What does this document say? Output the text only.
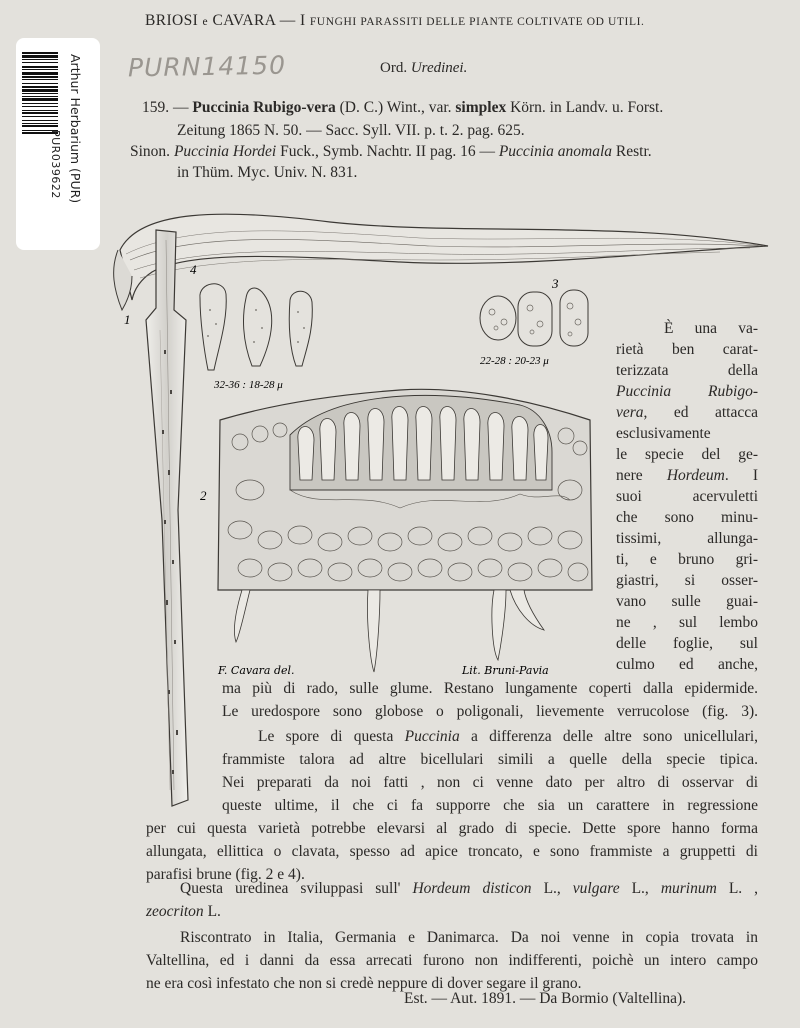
PUR039622 Arthur Herbarium (PUR)
BRIOSI e CAVARA — I FUNGHI PARASSITI DELLE PIANTE COLTIVATE OD UTILI.
PURN14150	Ord. Uredinei.
159. — Puccinia Rubigo-vera (D. C.) Wint., var. simplex Körn. in Landv. u. Forst.
Zeitung 1865 N. 50. — Sacc. Syll. VII. p. t. 2. pag. 625.
Sinon. Puccinia Hordei Fuck., Symb. Nachtr. II pag. 16 — Puccinia anomala Restr.
in Thüm. Myc. Univ. N. 831.
4
1
3
2
32-36 : 18-28 μ
22-28 : 20-23 μ
F. Cavara del.	Lit. Bruni-Pavia
È una va-
rietà ben carat-
terizzata della
Puccinia Rubigo-
vera, ed attacca
esclusivamente
le specie del ge-
nere Hordeum. I
suoi acervuletti
che sono minu-
tissimi, allunga-
ti, e bruno gri-
giastri, si osser-
vano sulle guai-
ne , sul lembo
delle foglie, sul
culmo ed anche,
ma più di rado, sulle glume. Restano lungamente coperti dalla epidermide.
Le uredospore sono globose o poligonali, lievemente verrucolose (fig. 3).
Le spore di questa Puccinia a differenza delle altre sono unicellulari,
frammiste talora ad altre bicellulari simili a quelle della specie tipica.
Nei preparati da noi fatti , non ci venne dato per altro di osservar di
queste ultime, il che ci fa supporre che sia un carattere in regressione
per cui questa varietà potrebbe elevarsi al grado di specie. Dette spore hanno forma
allungata, ellittica o clavata, spesso ad apice troncato, e sono frammiste a gruppetti di
parafisi brune (fig. 2 e 4).
Questa uredinea sviluppasi sull' Hordeum disticon L., vulgare L., murinum L. ,
zeocriton L.
Riscontrato in Italia, Germania e Danimarca. Da noi venne in copia trovata in
Valtellina, ed i danni da essa arrecati furono non indifferenti, poichè un intero campo
ne era così infestato che non si credè neppure di dover segare il grano.
Est. — Aut. 1891. — Da Bormio (Valtellina).
